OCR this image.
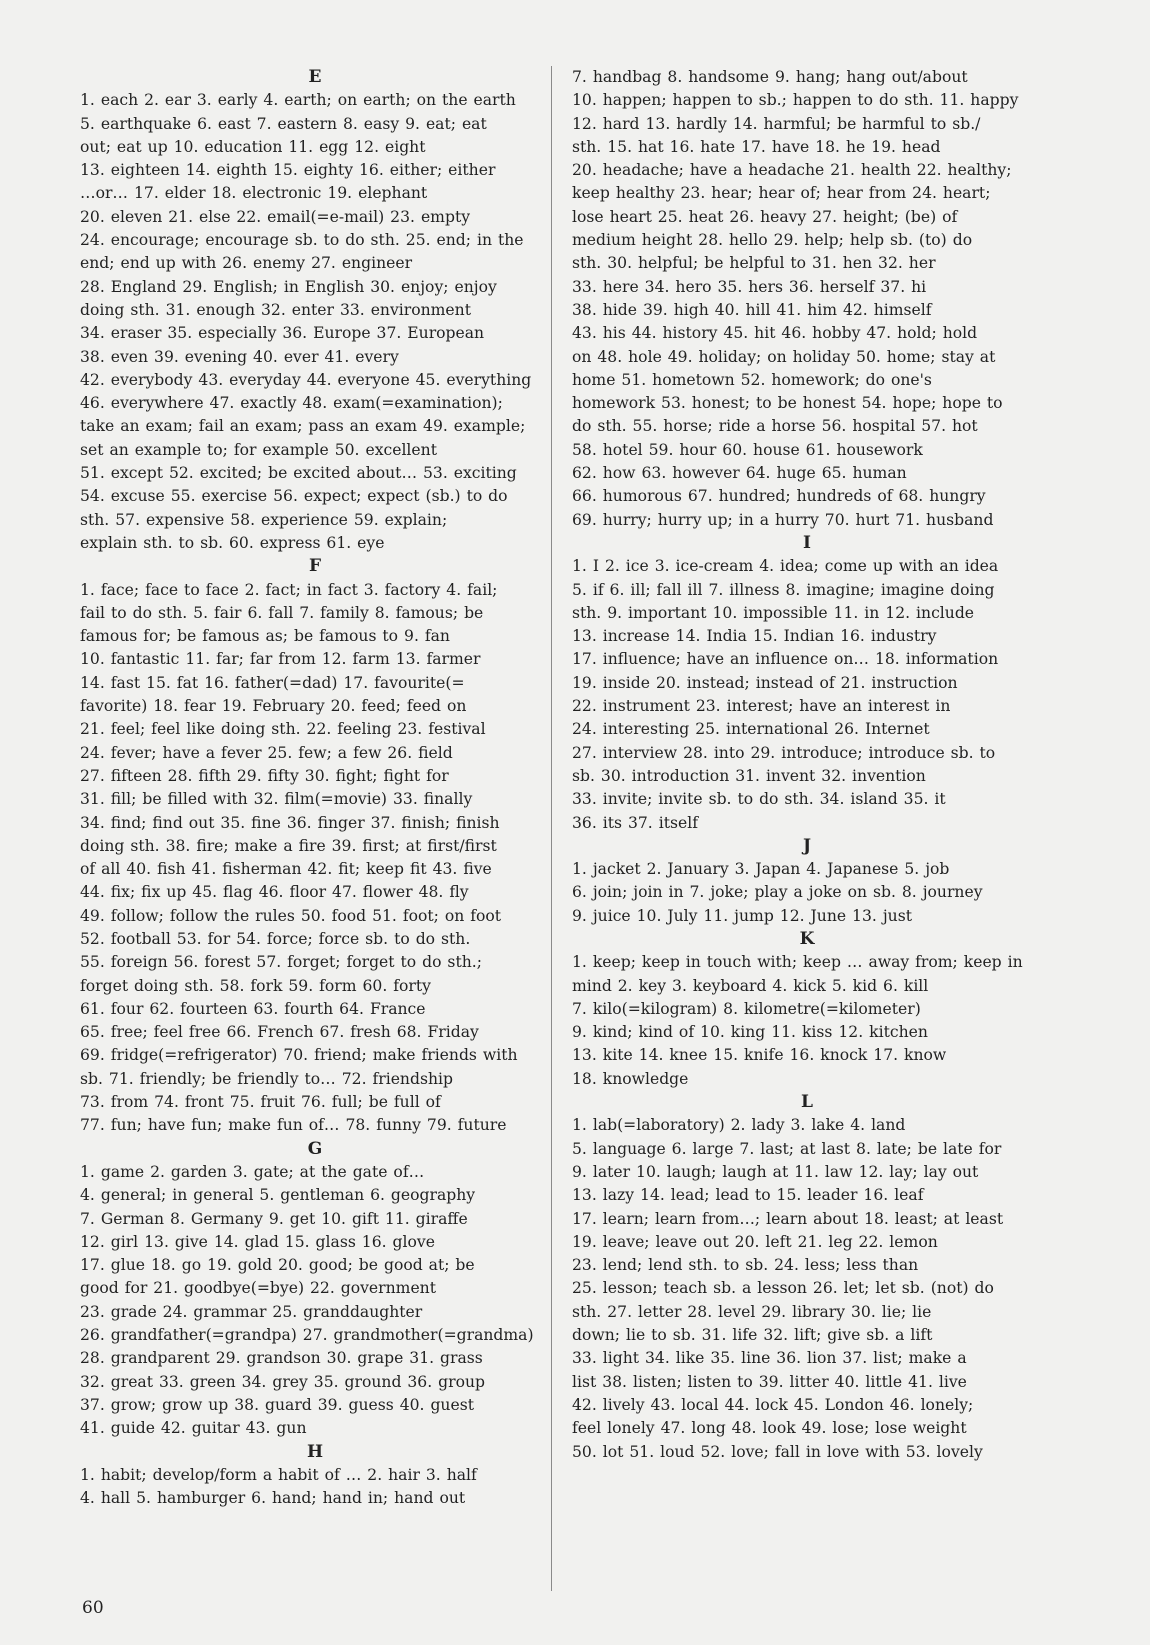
E
1. each 2. ear 3. early 4. earth; on earth; on the earth
5. earthquake 6. east 7. eastern 8. easy 9. eat; eat
out; eat up 10. education 11. egg 12. eight
13. eighteen 14. eighth 15. eighty 16. either; either
…or… 17. elder 18. electronic 19. elephant
20. eleven 21. else 22. email(=e-mail) 23. empty
24. encourage; encourage sb. to do sth. 25. end; in the
end; end up with 26. enemy 27. engineer
28. England 29. English; in English 30. enjoy; enjoy
doing sth. 31. enough 32. enter 33. environment
34. eraser 35. especially 36. Europe 37. European
38. even 39. evening 40. ever 41. every
42. everybody 43. everyday 44. everyone 45. everything
46. everywhere 47. exactly 48. exam(=examination);
take an exam; fail an exam; pass an exam 49. example;
set an example to; for example 50. excellent
51. except 52. excited; be excited about… 53. exciting
54. excuse 55. exercise 56. expect; expect (sb.) to do
sth. 57. expensive 58. experience 59. explain;
explain sth. to sb. 60. express 61. eye
F
1. face; face to face 2. fact; in fact 3. factory 4. fail;
fail to do sth. 5. fair 6. fall 7. family 8. famous; be
famous for; be famous as; be famous to 9. fan
10. fantastic 11. far; far from 12. farm 13. farmer
14. fast 15. fat 16. father(=dad) 17. favourite(=
favorite) 18. fear 19. February 20. feed; feed on
21. feel; feel like doing sth. 22. feeling 23. festival
24. fever; have a fever 25. few; a few 26. field
27. fifteen 28. fifth 29. fifty 30. fight; fight for
31. fill; be filled with 32. film(=movie) 33. finally
34. find; find out 35. fine 36. finger 37. finish; finish
doing sth. 38. fire; make a fire 39. first; at first/first
of all 40. fish 41. fisherman 42. fit; keep fit 43. five
44. fix; fix up 45. flag 46. floor 47. flower 48. fly
49. follow; follow the rules 50. food 51. foot; on foot
52. football 53. for 54. force; force sb. to do sth.
55. foreign 56. forest 57. forget; forget to do sth.;
forget doing sth. 58. fork 59. form 60. forty
61. four 62. fourteen 63. fourth 64. France
65. free; feel free 66. French 67. fresh 68. Friday
69. fridge(=refrigerator) 70. friend; make friends with
sb. 71. friendly; be friendly to… 72. friendship
73. from 74. front 75. fruit 76. full; be full of
77. fun; have fun; make fun of… 78. funny 79. future
G
1. game 2. garden 3. gate; at the gate of…
4. general; in general 5. gentleman 6. geography
7. German 8. Germany 9. get 10. gift 11. giraffe
12. girl 13. give 14. glad 15. glass 16. glove
17. glue 18. go 19. gold 20. good; be good at; be
good for 21. goodbye(=bye) 22. government
23. grade 24. grammar 25. granddaughter
26. grandfather(=grandpa) 27. grandmother(=grandma)
28. grandparent 29. grandson 30. grape 31. grass
32. great 33. green 34. grey 35. ground 36. group
37. grow; grow up 38. guard 39. guess 40. guest
41. guide 42. guitar 43. gun
H
1. habit; develop/form a habit of … 2. hair 3. half
4. hall 5. hamburger 6. hand; hand in; hand out
7. handbag 8. handsome 9. hang; hang out/about
10. happen; happen to sb.; happen to do sth. 11. happy
12. hard 13. hardly 14. harmful; be harmful to sb./
sth. 15. hat 16. hate 17. have 18. he 19. head
20. headache; have a headache 21. health 22. healthy;
keep healthy 23. hear; hear of; hear from 24. heart;
lose heart 25. heat 26. heavy 27. height; (be) of
medium height 28. hello 29. help; help sb. (to) do
sth. 30. helpful; be helpful to 31. hen 32. her
33. here 34. hero 35. hers 36. herself 37. hi
38. hide 39. high 40. hill 41. him 42. himself
43. his 44. history 45. hit 46. hobby 47. hold; hold
on 48. hole 49. holiday; on holiday 50. home; stay at
home 51. hometown 52. homework; do one's
homework 53. honest; to be honest 54. hope; hope to
do sth. 55. horse; ride a horse 56. hospital 57. hot
58. hotel 59. hour 60. house 61. housework
62. how 63. however 64. huge 65. human
66. humorous 67. hundred; hundreds of 68. hungry
69. hurry; hurry up; in a hurry 70. hurt 71. husband
I
1. I 2. ice 3. ice-cream 4. idea; come up with an idea
5. if 6. ill; fall ill 7. illness 8. imagine; imagine doing
sth. 9. important 10. impossible 11. in 12. include
13. increase 14. India 15. Indian 16. industry
17. influence; have an influence on… 18. information
19. inside 20. instead; instead of 21. instruction
22. instrument 23. interest; have an interest in
24. interesting 25. international 26. Internet
27. interview 28. into 29. introduce; introduce sb. to
sb. 30. introduction 31. invent 32. invention
33. invite; invite sb. to do sth. 34. island 35. it
36. its 37. itself
J
1. jacket 2. January 3. Japan 4. Japanese 5. job
6. join; join in 7. joke; play a joke on sb. 8. journey
9. juice 10. July 11. jump 12. June 13. just
K
1. keep; keep in touch with; keep … away from; keep in
mind 2. key 3. keyboard 4. kick 5. kid 6. kill
7. kilo(=kilogram) 8. kilometre(=kilometer)
9. kind; kind of 10. king 11. kiss 12. kitchen
13. kite 14. knee 15. knife 16. knock 17. know
18. knowledge
L
1. lab(=laboratory) 2. lady 3. lake 4. land
5. language 6. large 7. last; at last 8. late; be late for
9. later 10. laugh; laugh at 11. law 12. lay; lay out
13. lazy 14. lead; lead to 15. leader 16. leaf
17. learn; learn from…; learn about 18. least; at least
19. leave; leave out 20. left 21. leg 22. lemon
23. lend; lend sth. to sb. 24. less; less than
25. lesson; teach sb. a lesson 26. let; let sb. (not) do
sth. 27. letter 28. level 29. library 30. lie; lie
down; lie to sb. 31. life 32. lift; give sb. a lift
33. light 34. like 35. line 36. lion 37. list; make a
list 38. listen; listen to 39. litter 40. little 41. live
42. lively 43. local 44. lock 45. London 46. lonely;
feel lonely 47. long 48. look 49. lose; lose weight
50. lot 51. loud 52. love; fall in love with 53. lovely
60
